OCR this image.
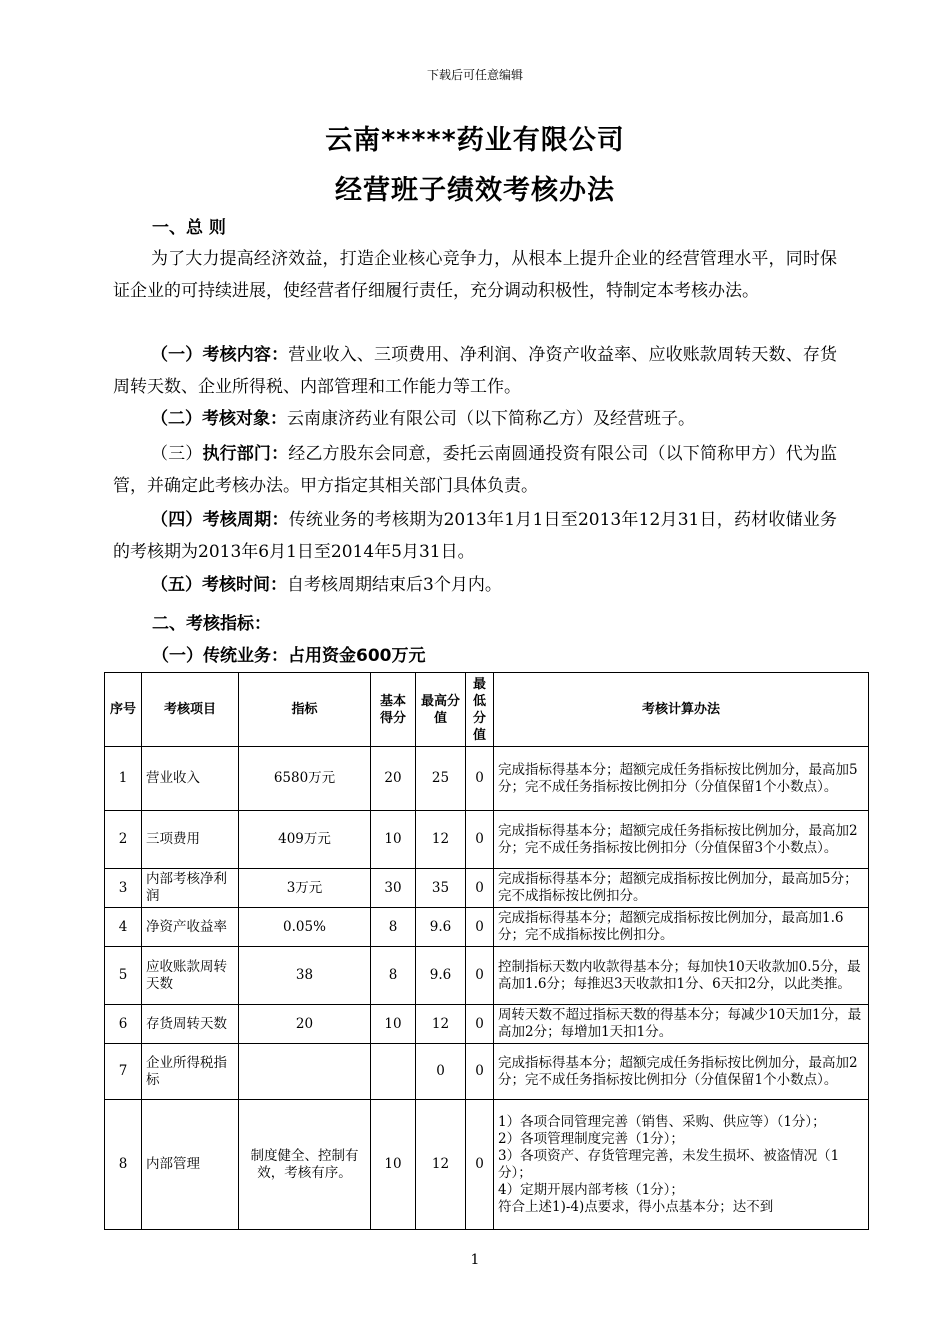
下载后可任意编辑
云南*****药业有限公司
经营班子绩效考核办法
一、总 则
为了大力提高经济效益，打造企业核心竞争力，从根本上提升企业的经营管理水平，同时保证企业的可持续进展，使经营者仔细履行责任，充分调动积极性，特制定本考核办法。
（一）考核内容：营业收入、三项费用、净利润、净资产收益率、应收账款周转天数、存货周转天数、企业所得税、内部管理和工作能力等工作。
（二）考核对象：云南康济药业有限公司（以下简称乙方）及经营班子。
（三）执行部门：经乙方股东会同意，委托云南圆通投资有限公司（以下简称甲方）代为监管，并确定此考核办法。甲方指定其相关部门具体负责。
（四）考核周期：传统业务的考核期为2013年1月1日至2013年12月31日，药材收储业务的考核期为2013年6月1日至2014年5月31日。
（五）考核时间：自考核周期结束后3个月内。
二、考核指标：
（一）传统业务：占用资金600万元
序号	考核项目	指标	基本得分	最高分值	最低分值	考核计算办法
1	营业收入	6580万元	20	25	0	完成指标得基本分；超额完成任务指标按比例加分，最高加5分；完不成任务指标按比例扣分（分值保留1个小数点）。
2	三项费用	409万元	10	12	0	完成指标得基本分；超额完成任务指标按比例加分，最高加2分；完不成任务指标按比例扣分（分值保留3个小数点）。
3	内部考核净利润	3万元	30	35	0	完成指标得基本分；超额完成指标按比例加分，最高加5分；完不成指标按比例扣分。
4	净资产收益率	0.05%	8	9.6	0	完成指标得基本分；超额完成指标按比例加分，最高加1.6分；完不成指标按比例扣分。
5	应收账款周转天数	38	8	9.6	0	控制指标天数内收款得基本分；每加快10天收款加0.5分，最高加1.6分；每推迟3天收款扣1分、6天扣2分，以此类推。
6	存货周转天数	20	10	12	0	周转天数不超过指标天数的得基本分；每减少10天加1分，最高加2分；每增加1天扣1分。
7	企业所得税指标			0	0	完成指标得基本分；超额完成任务指标按比例加分，最高加2分；完不成任务指标按比例扣分（分值保留1个小数点）。
8	内部管理	制度健全、控制有效，考核有序。	10	12	0	1）各项合同管理完善（销售、采购、供应等）（1分）；
2）各项管理制度完善（1分）；
3）各项资产、存货管理完善，未发生损坏、被盗情况（1分）；
4）定期开展内部考核（1分）；
符合上述1)-4)点要求，得小点基本分；达不到
1
